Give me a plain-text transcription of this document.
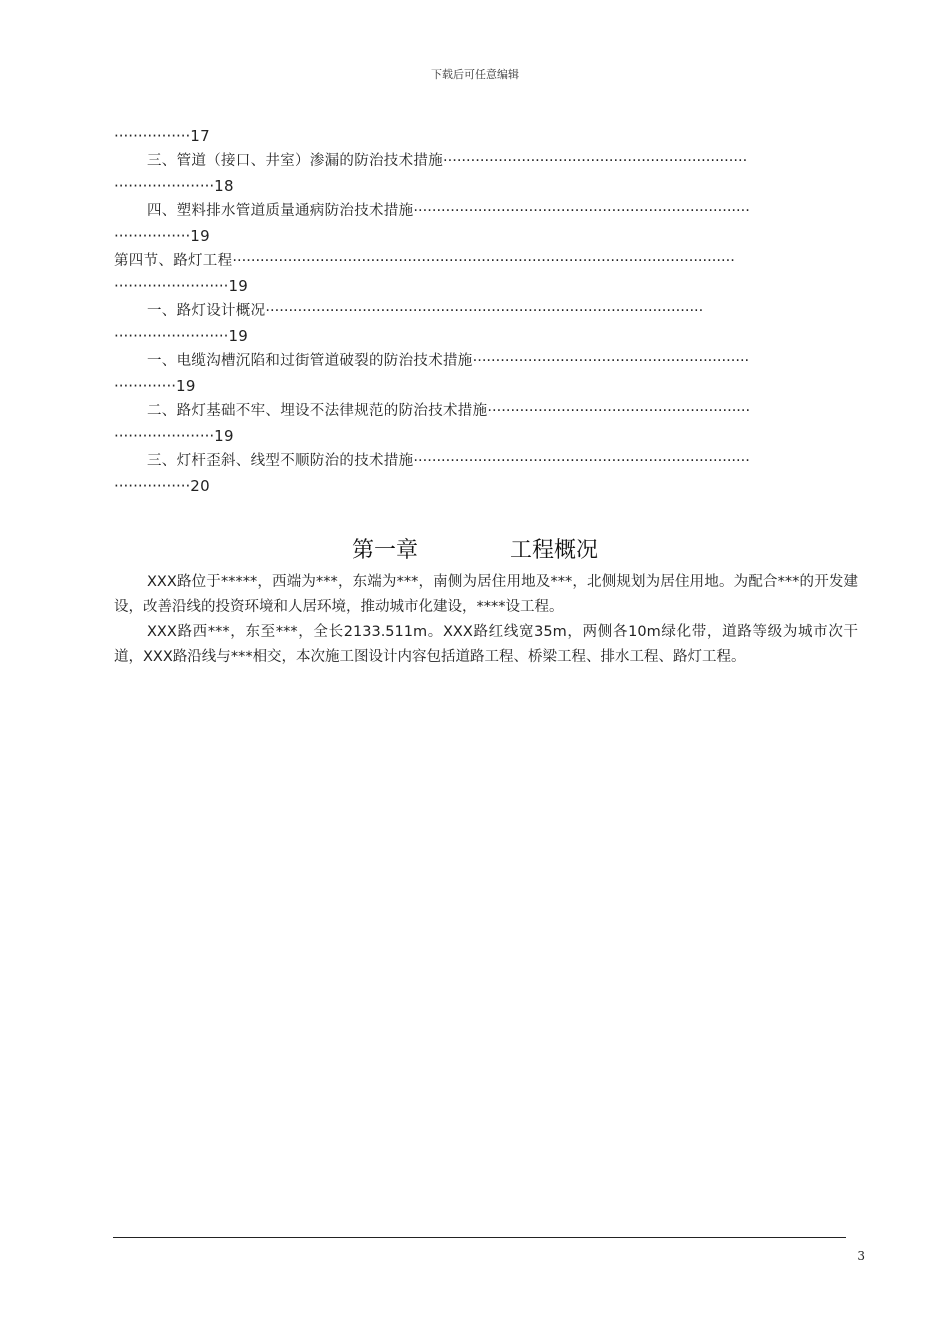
下载后可任意编辑
················17
三、管道（接口、井室）渗漏的防治技术措施··································································
·····················18
四、塑料排水管道质量通病防治技术措施·········································································
················19
第四节、路灯工程·············································································································
························19
一、路灯设计概况·······························································································
························19
一、电缆沟槽沉陷和过街管道破裂的防治技术措施····························································
·············19
二、路灯基础不牢、埋设不法律规范的防治技术措施·························································
·····················19
三、灯杆歪斜、线型不顺防治的技术措施·········································································
················20
第一章	工程概况

XXX路位于*****，西端为***，东端为***，南侧为居住用地及***，北侧规划为居住用地。为配合***的开发建设，改善沿线的投资环境和人居环境，推动城市化建设，****设工程。

XXX路西***，东至***，全长2133.511m。XXX路红线宽35m，两侧各10m绿化带，道路等级为城市次干道，XXX路沿线与***相交，本次施工图设计内容包括道路工程、桥梁工程、排水工程、路灯工程。

3
